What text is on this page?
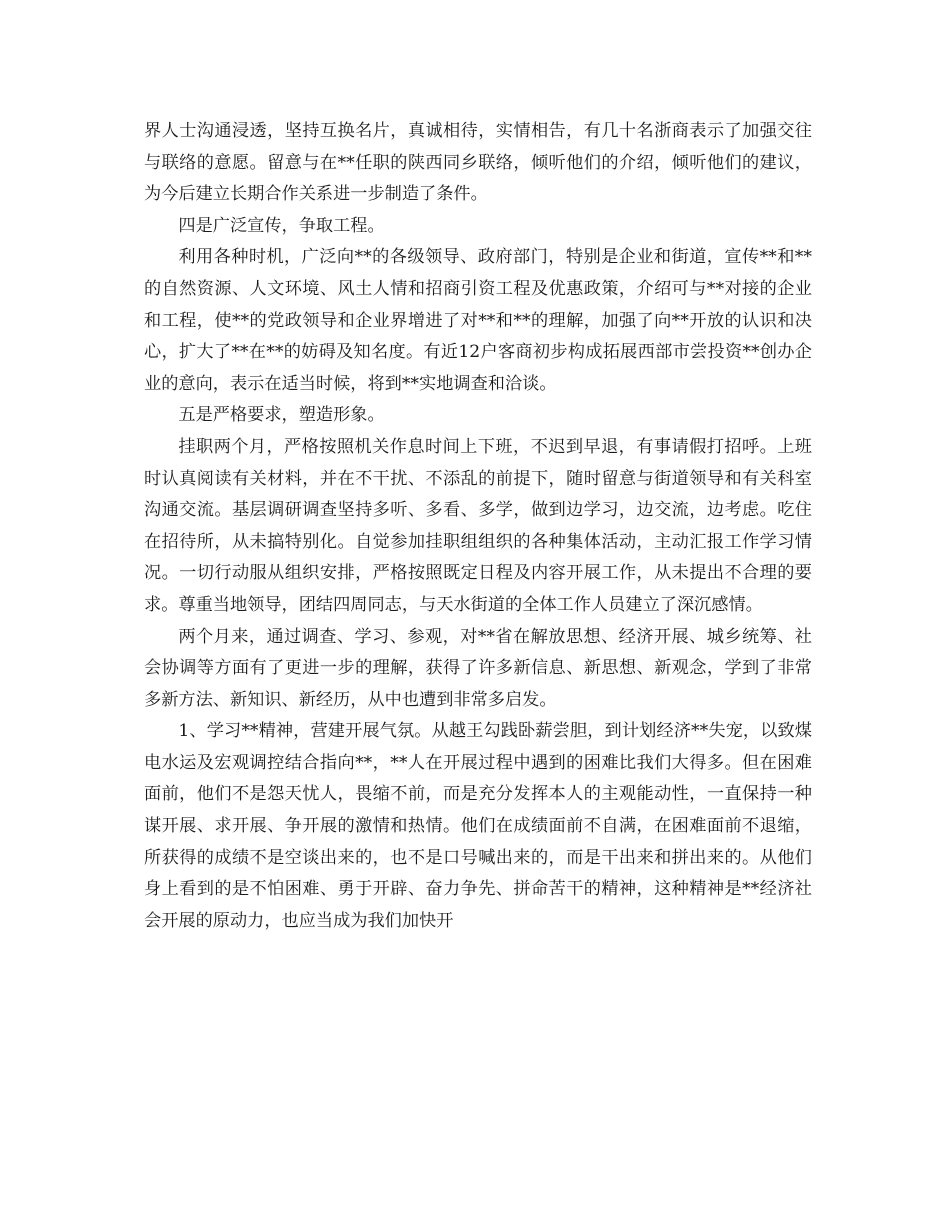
界人士沟通浸透，坚持互换名片，真诚相待，实情相告，有几十名浙商表示了加强交往与联络的意愿。留意与在**任职的陕西同乡联络，倾听他们的介绍，倾听他们的建议，为今后建立长期合作关系进一步制造了条件。

四是广泛宣传，争取工程。

利用各种时机，广泛向**的各级领导、政府部门，特别是企业和街道，宣传**和**的自然资源、人文环境、风土人情和招商引资工程及优惠政策，介绍可与**对接的企业和工程，使**的党政领导和企业界增进了对**和**的理解，加强了向**开放的认识和决心，扩大了**在**的妨碍及知名度。有近12户客商初步构成拓展西部市尝投资**创办企业的意向，表示在适当时候，将到**实地调查和洽谈。

五是严格要求，塑造形象。

挂职两个月，严格按照机关作息时间上下班，不迟到早退，有事请假打招呼。上班时认真阅读有关材料，并在不干扰、不添乱的前提下，随时留意与街道领导和有关科室沟通交流。基层调研调查坚持多听、多看、多学，做到边学习，边交流，边考虑。吃住在招待所，从未搞特别化。自觉参加挂职组组织的各种集体活动，主动汇报工作学习情况。一切行动服从组织安排，严格按照既定日程及内容开展工作，从未提出不合理的要求。尊重当地领导，团结四周同志，与天水街道的全体工作人员建立了深沉感情。

两个月来，通过调查、学习、参观，对**省在解放思想、经济开展、城乡统筹、社会协调等方面有了更进一步的理解，获得了许多新信息、新思想、新观念，学到了非常多新方法、新知识、新经历，从中也遭到非常多启发。

1、学习**精神，营建开展气氛。从越王勾践卧薪尝胆，到计划经济**失宠，以致煤电水运及宏观调控结合指向**，**人在开展过程中遇到的困难比我们大得多。但在困难面前，他们不是怨天忧人，畏缩不前，而是充分发挥本人的主观能动性，一直保持一种谋开展、求开展、争开展的激情和热情。他们在成绩面前不自满，在困难面前不退缩，所获得的成绩不是空谈出来的，也不是口号喊出来的，而是干出来和拼出来的。从他们身上看到的是不怕困难、勇于开辟、奋力争先、拼命苦干的精神，这种精神是**经济社会开展的原动力，也应当成为我们加快开
